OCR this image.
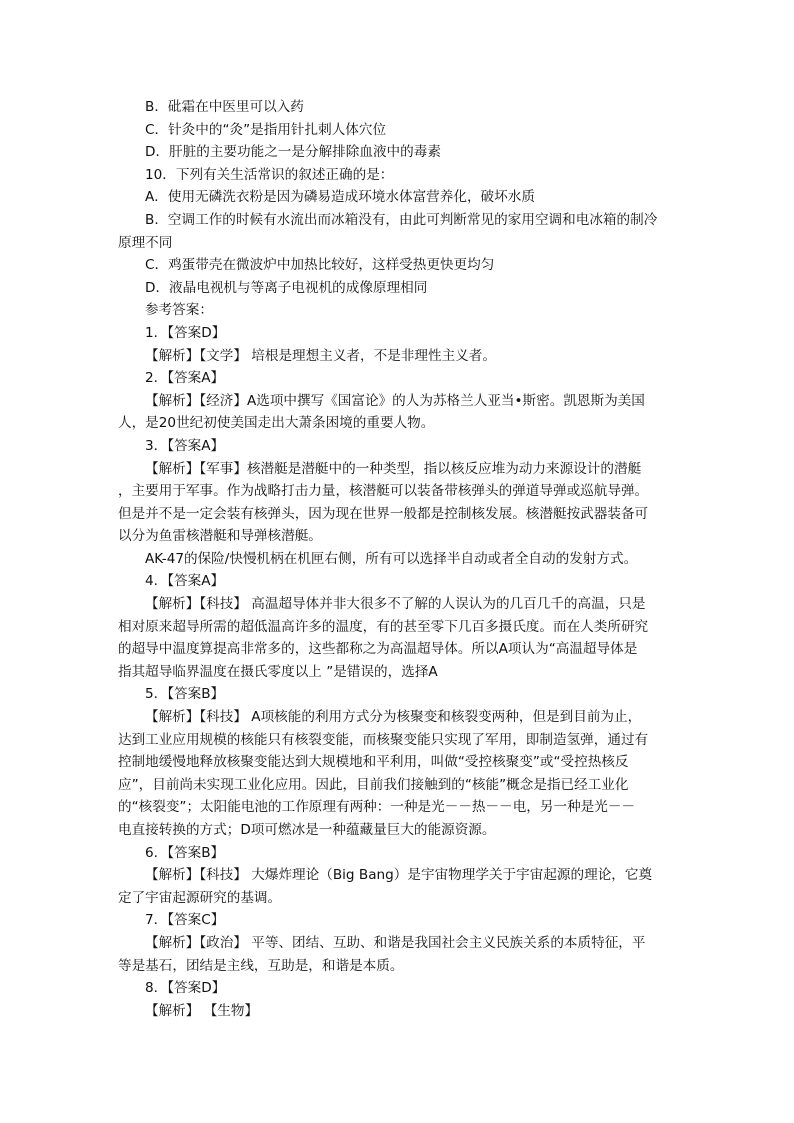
B．砒霜在中医里可以入药
C．针灸中的“灸”是指用针扎刺人体穴位
D．肝脏的主要功能之一是分解排除血液中的毒素
10．下列有关生活常识的叙述正确的是：
A．使用无磷洗衣粉是因为磷易造成环境水体富营养化，破坏水质
B．空调工作的时候有水流出而冰箱没有，由此可判断常见的家用空调和电冰箱的制冷
原理不同
C．鸡蛋带壳在微波炉中加热比较好，这样受热更快更均匀
D．液晶电视机与等离子电视机的成像原理相同
参考答案：
1．【答案D】
【解析】【文学】 培根是理想主义者，不是非理性主义者。
2．【答案A】
【解析】【经济】A选项中撰写《国富论》的人为苏格兰人亚当•斯密。凯恩斯为美国
人，是20世纪初使美国走出大萧条困境的重要人物。
3．【答案A】
【解析】【军事】核潜艇是潜艇中的一种类型，指以核反应堆为动力来源设计的潜艇
，主要用于军事。作为战略打击力量，核潜艇可以装备带核弹头的弹道导弹或巡航导弹。
但是并不是一定会装有核弹头，因为现在世界一般都是控制核发展。核潜艇按武器装备可
以分为鱼雷核潜艇和导弹核潜艇。
AK-47的保险/快慢机柄在机匣右侧，所有可以选择半自动或者全自动的发射方式。
4．【答案A】
【解析】【科技】 高温超导体并非大很多不了解的人误认为的几百几千的高温，只是
相对原来超导所需的超低温高许多的温度，有的甚至零下几百多摄氏度。而在人类所研究
的超导中温度算提高非常多的，这些都称之为高温超导体。所以A项认为“高温超导体是
指其超导临界温度在摄氏零度以上 ”是错误的，选择A
5．【答案B】
【解析】【科技】 A项核能的利用方式分为核聚变和核裂变两种，但是到目前为止，
达到工业应用规模的核能只有核裂变能，而核聚变能只实现了军用，即制造氢弹，通过有
控制地缓慢地释放核聚变能达到大规模地和平利用，叫做“受控核聚变”或“受控热核反
应”，目前尚未实现工业化应用。因此，目前我们接触到的“核能”概念是指已经工业化
的“核裂变”；太阳能电池的工作原理有两种：一种是光－－热－－电，另一种是光－－
电直接转换的方式；D项可燃冰是一种蕴藏量巨大的能源资源。
6．【答案B】
【解析】【科技】 大爆炸理论（Big Bang）是宇宙物理学关于宇宙起源的理论，它奠
定了宇宙起源研究的基调。
7．【答案C】
【解析】【政治】 平等、团结、互助、和谐是我国社会主义民族关系的本质特征，平
等是基石，团结是主线，互助是，和谐是本质。
8．【答案D】
【解析】 【生物】
